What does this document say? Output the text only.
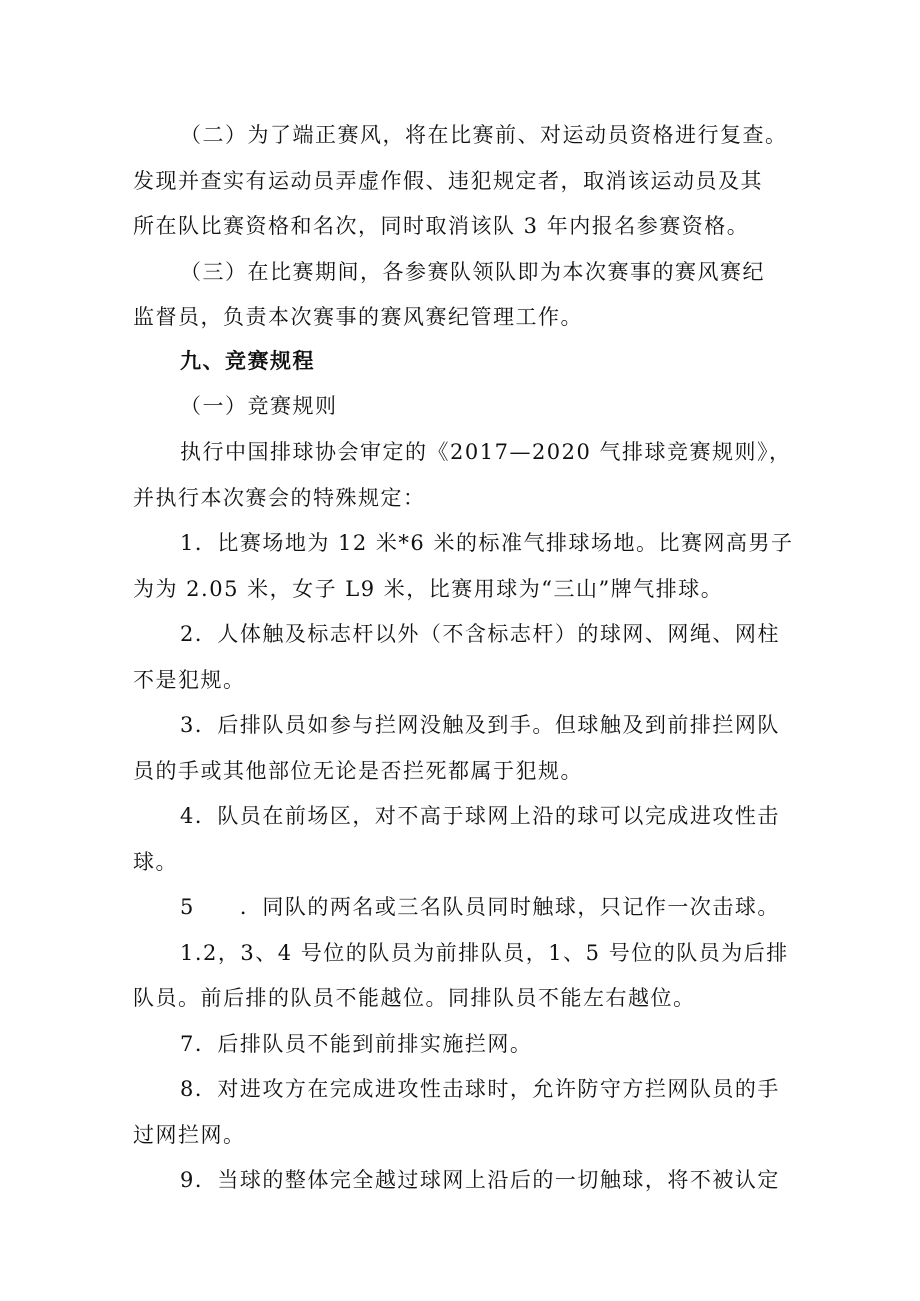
（二）为了端正赛风，将在比赛前、对运动员资格进行复查。
发现并查实有运动员弄虚作假、违犯规定者，取消该运动员及其
所在队比赛资格和名次，同时取消该队 3 年内报名参赛资格。
（三）在比赛期间，各参赛队领队即为本次赛事的赛风赛纪
监督员，负责本次赛事的赛风赛纪管理工作。
九、竞赛规程
（一）竞赛规则
执行中国排球协会审定的《2017—2020 气排球竞赛规则》，
并执行本次赛会的特殊规定：
1．比赛场地为 12 米*6 米的标准气排球场地。比赛网高男子
为为 2.05 米，女子 L9 米，比赛用球为“三山”牌气排球。
2．人体触及标志杆以外（不含标志杆）的球网、网绳、网柱
不是犯规。
3．后排队员如参与拦网没触及到手。但球触及到前排拦网队
员的手或其他部位无论是否拦死都属于犯规。
4．队员在前场区，对不高于球网上沿的球可以完成进攻性击
球。
5　　．同队的两名或三名队员同时触球，只记作一次击球。
1.2，3、4 号位的队员为前排队员，1、5 号位的队员为后排
队员。前后排的队员不能越位。同排队员不能左右越位。
7．后排队员不能到前排实施拦网。
8．对进攻方在完成进攻性击球时，允许防守方拦网队员的手
过网拦网。
9．当球的整体完全越过球网上沿后的一切触球，将不被认定
